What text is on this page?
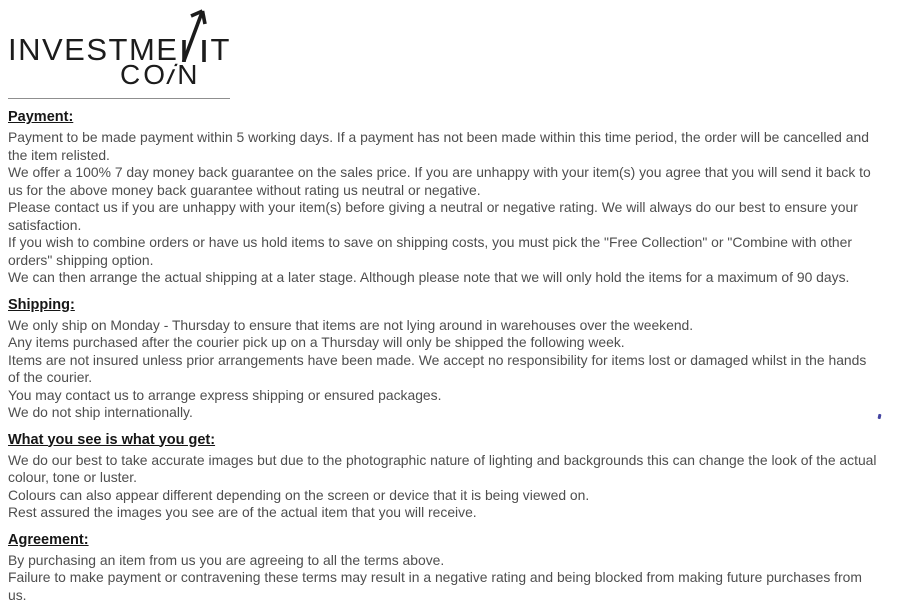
INVESTME T
COiN
Payment:

Payment to be made payment within 5 working days. If a payment has not been made within this time period, the order will be cancelled and the item relisted.

We offer a 100% 7 day money back guarantee on the sales price. If you are unhappy with your item(s) you agree that you will send it back to us for the above money back guarantee without rating us neutral or negative.

Please contact us if you are unhappy with your item(s) before giving a neutral or negative rating. We will always do our best to ensure your satisfaction.

If you wish to combine orders or have us hold items to save on shipping costs, you must pick the "Free Collection" or "Combine with other orders" shipping option.

We can then arrange the actual shipping at a later stage. Although please note that we will only hold the items for a maximum of 90 days.

Shipping:

We only ship on Monday - Thursday to ensure that items are not lying around in warehouses over the weekend.

Any items purchased after the courier pick up on a Thursday will only be shipped the following week.

Items are not insured unless prior arrangements have been made. We accept no responsibility for items lost or damaged whilst in the hands of the courier.

You may contact us to arrange express shipping or ensured packages.

We do not ship internationally.

What you see is what you get:

We do our best to take accurate images but due to the photographic nature of lighting and backgrounds this can change the look of the actual colour, tone or luster.

Colours can also appear different depending on the screen or device that it is being viewed on.

Rest assured the images you see are of the actual item that you will receive.

Agreement:

By purchasing an item from us you are agreeing to all the terms above.

Failure to make payment or contravening these terms may result in a negative rating and being blocked from making future purchases from us.
